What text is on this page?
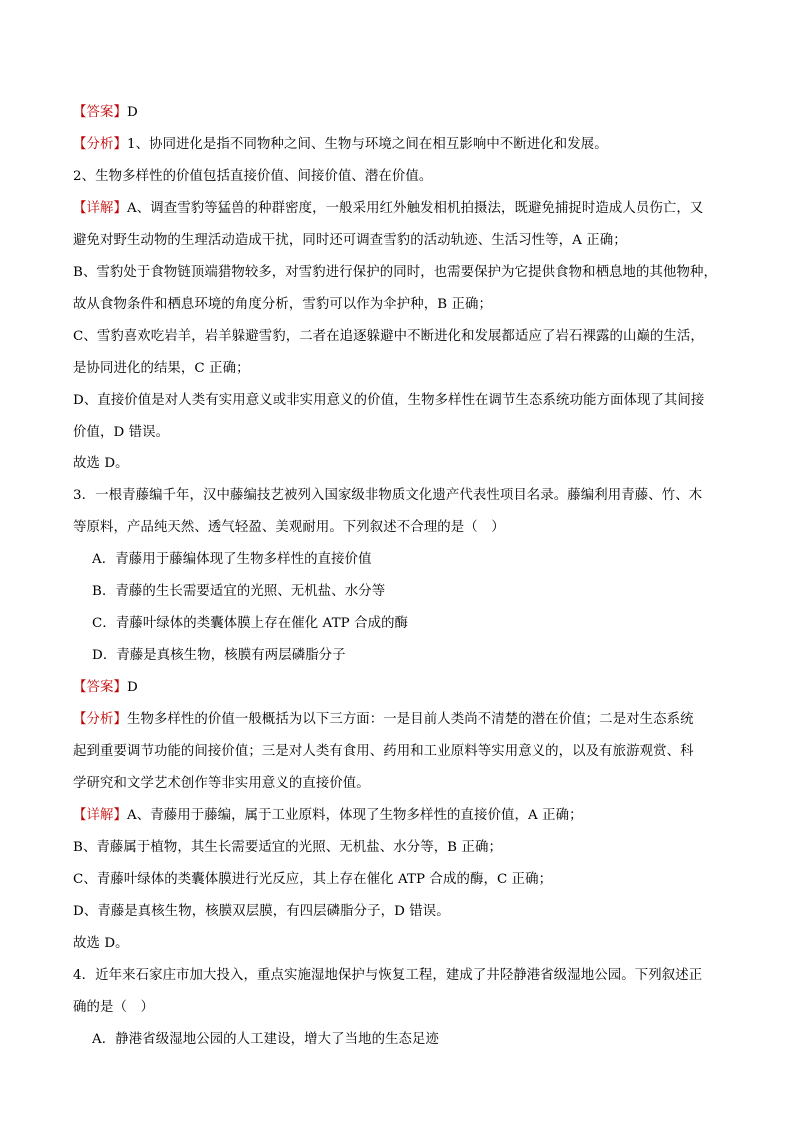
【答案】D
【分析】1、协同进化是指不同物种之间、生物与环境之间在相互影响中不断进化和发展。
2、生物多样性的价值包括直接价值、间接价值、潜在价值。
【详解】A、调查雪豹等猛兽的种群密度，一般采用红外触发相机拍摄法，既避免捕捉时造成人员伤亡，又
避免对野生动物的生理活动造成干扰，同时还可调查雪豹的活动轨迹、生活习性等，A 正确；
B、雪豹处于食物链顶端猎物较多，对雪豹进行保护的同时，也需要保护为它提供食物和栖息地的其他物种，
故从食物条件和栖息环境的角度分析，雪豹可以作为伞护种，B 正确；
C、雪豹喜欢吃岩羊，岩羊躲避雪豹，二者在追逐躲避中不断进化和发展都适应了岩石裸露的山巅的生活，
是协同进化的结果，C 正确；
D、直接价值是对人类有实用意义或非实用意义的价值，生物多样性在调节生态系统功能方面体现了其间接
价值，D 错误。
故选 D。
3．一根青藤编千年，汉中藤编技艺被列入国家级非物质文化遗产代表性项目名录。藤编利用青藤、竹、木
等原料，产品纯天然、透气轻盈、美观耐用。下列叙述不合理的是（　）
A．青藤用于藤编体现了生物多样性的直接价值
B．青藤的生长需要适宜的光照、无机盐、水分等
C．青藤叶绿体的类囊体膜上存在催化 ATP 合成的酶
D．青藤是真核生物，核膜有两层磷脂分子
【答案】D
【分析】生物多样性的价值一般概括为以下三方面：一是目前人类尚不清楚的潜在价值；二是对生态系统
起到重要调节功能的间接价值；三是对人类有食用、药用和工业原料等实用意义的，以及有旅游观赏、科
学研究和文学艺术创作等非实用意义的直接价值。
【详解】A、青藤用于藤编，属于工业原料，体现了生物多样性的直接价值，A 正确；
B、青藤属于植物，其生长需要适宜的光照、无机盐、水分等，B 正确；
C、青藤叶绿体的类囊体膜进行光反应，其上存在催化 ATP 合成的酶，C 正确；
D、青藤是真核生物，核膜双层膜，有四层磷脂分子，D 错误。
故选 D。
4．近年来石家庄市加大投入，重点实施湿地保护与恢复工程，建成了井陉静港省级湿地公园。下列叙述正
确的是（　）
A．静港省级湿地公园的人工建设，增大了当地的生态足迹
